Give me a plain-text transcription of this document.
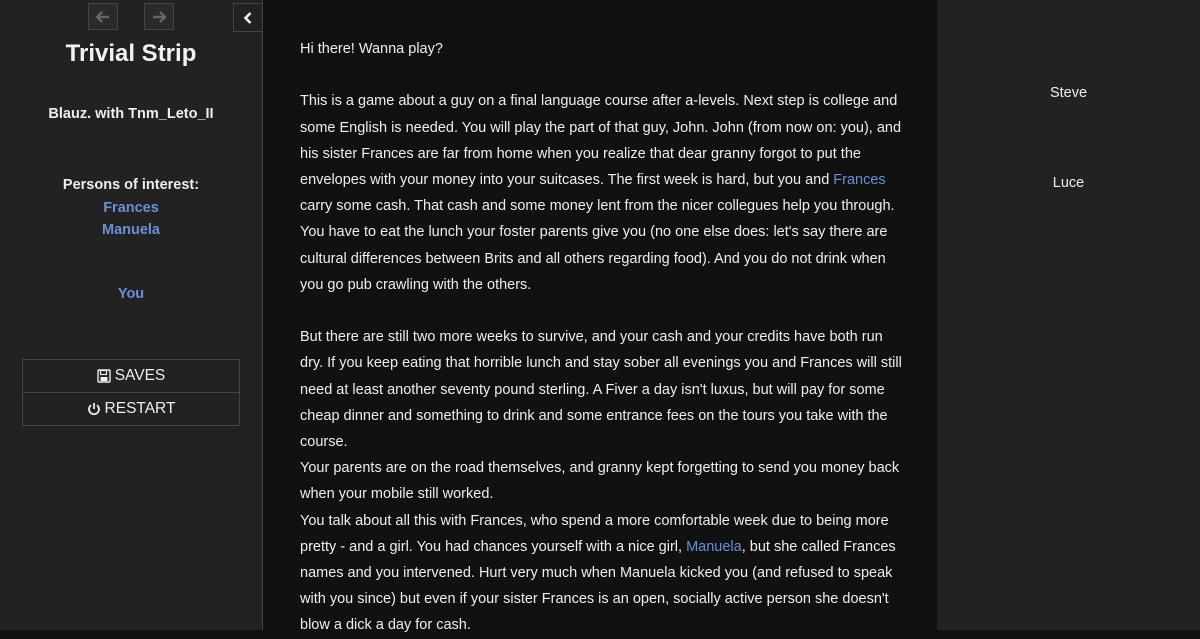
Trivial Strip
Blauz. with Tnm_Leto_II
Persons of interest:
Frances
Manuela
You
SAVES
RESTART

Hi there! Wanna play?

This is a game about a guy on a final language course after a-levels. Next step is college and some English is needed. You will play the part of that guy, John. John (from now on: you), and his sister Frances are far from home when you realize that dear granny forgot to put the envelopes with your money into your suitcases. The first week is hard, but you and Frances carry some cash. That cash and some money lent from the nicer collegues help you through. You have to eat the lunch your foster parents give you (no one else does: let's say there are cultural differences between Brits and all others regarding food). And you do not drink when you go pub crawling with the others.

But there are still two more weeks to survive, and your cash and your credits have both run dry. If you keep eating that horrible lunch and stay sober all evenings you and Frances will still need at least another seventy pound sterling. A Fiver a day isn't luxus, but will pay for some cheap dinner and something to drink and some entrance fees on the tours you take with the course.

Your parents are on the road themselves, and granny kept forgetting to send you money back when your mobile still worked.

You talk about all this with Frances, who spend a more comfortable week due to being more pretty - and a girl. You had chances yourself with a nice girl, Manuela, but she called Frances names and you intervened. Hurt very much when Manuela kicked you (and refused to speak with you since) but even if your sister Frances is an open, socially active person she doesn't blow a dick a day for cash.

Steve
Luce
